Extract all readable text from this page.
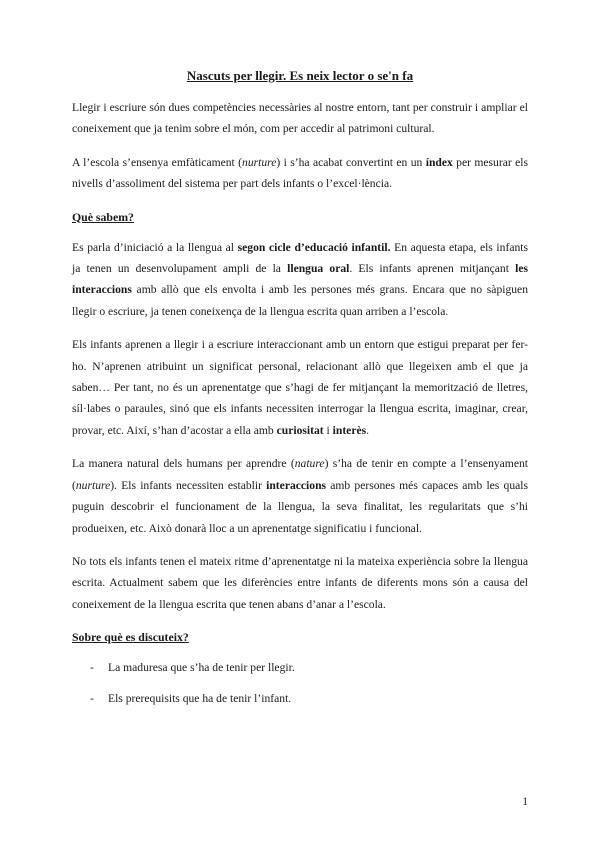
Nascuts per llegir. Es neix lector o se'n fa

Llegir i escriure són dues competències necessàries al nostre entorn, tant per construir i ampliar el coneixement que ja tenim sobre el món, com per accedir al patrimoni cultural.

A l’escola s’ensenya emfàticament (nurture) i s’ha acabat convertint en un índex per mesurar els nivells d’assoliment del sistema per part dels infants o l’excel·lència.

Què sabem?

Es parla d’iniciació a la llengua al segon cicle d’educació infantil. En aquesta etapa, els infants ja tenen un desenvolupament ampli de la llengua oral. Els infants aprenen mitjançant les interaccions amb allò que els envolta i amb les persones més grans. Encara que no sàpiguen llegir o escriure, ja tenen coneixença de la llengua escrita quan arriben a l’escola.

Els infants aprenen a llegir i a escriure interaccionant amb un entorn que estigui preparat per fer-ho. N’aprenen atribuint un significat personal, relacionant allò que llegeixen amb el que ja saben… Per tant, no és un aprenentatge que s’hagi de fer mitjançant la memorització de lletres, síl·labes o paraules, sinó que els infants necessiten interrogar la llengua escrita, imaginar, crear, provar, etc. Així, s’han d’acostar a ella amb curiositat i interès.

La manera natural dels humans per aprendre (nature) s’ha de tenir en compte a l’ensenyament (nurture). Els infants necessiten establir interaccions amb persones més capaces amb les quals puguin descobrir el funcionament de la llengua, la seva finalitat, les regularitats que s’hi produeixen, etc. Això donarà lloc a un aprenentatge significatiu i funcional.

No tots els infants tenen el mateix ritme d’aprenentatge ni la mateixa experiència sobre la llengua escrita. Actualment sabem que les diferències entre infants de diferents mons són a causa del coneixement de la llengua escrita que tenen abans d’anar a l’escola.

Sobre què es discuteix?
- La maduresa que s’ha de tenir per llegir.
- Els prerequisits que ha de tenir l’infant.
1
